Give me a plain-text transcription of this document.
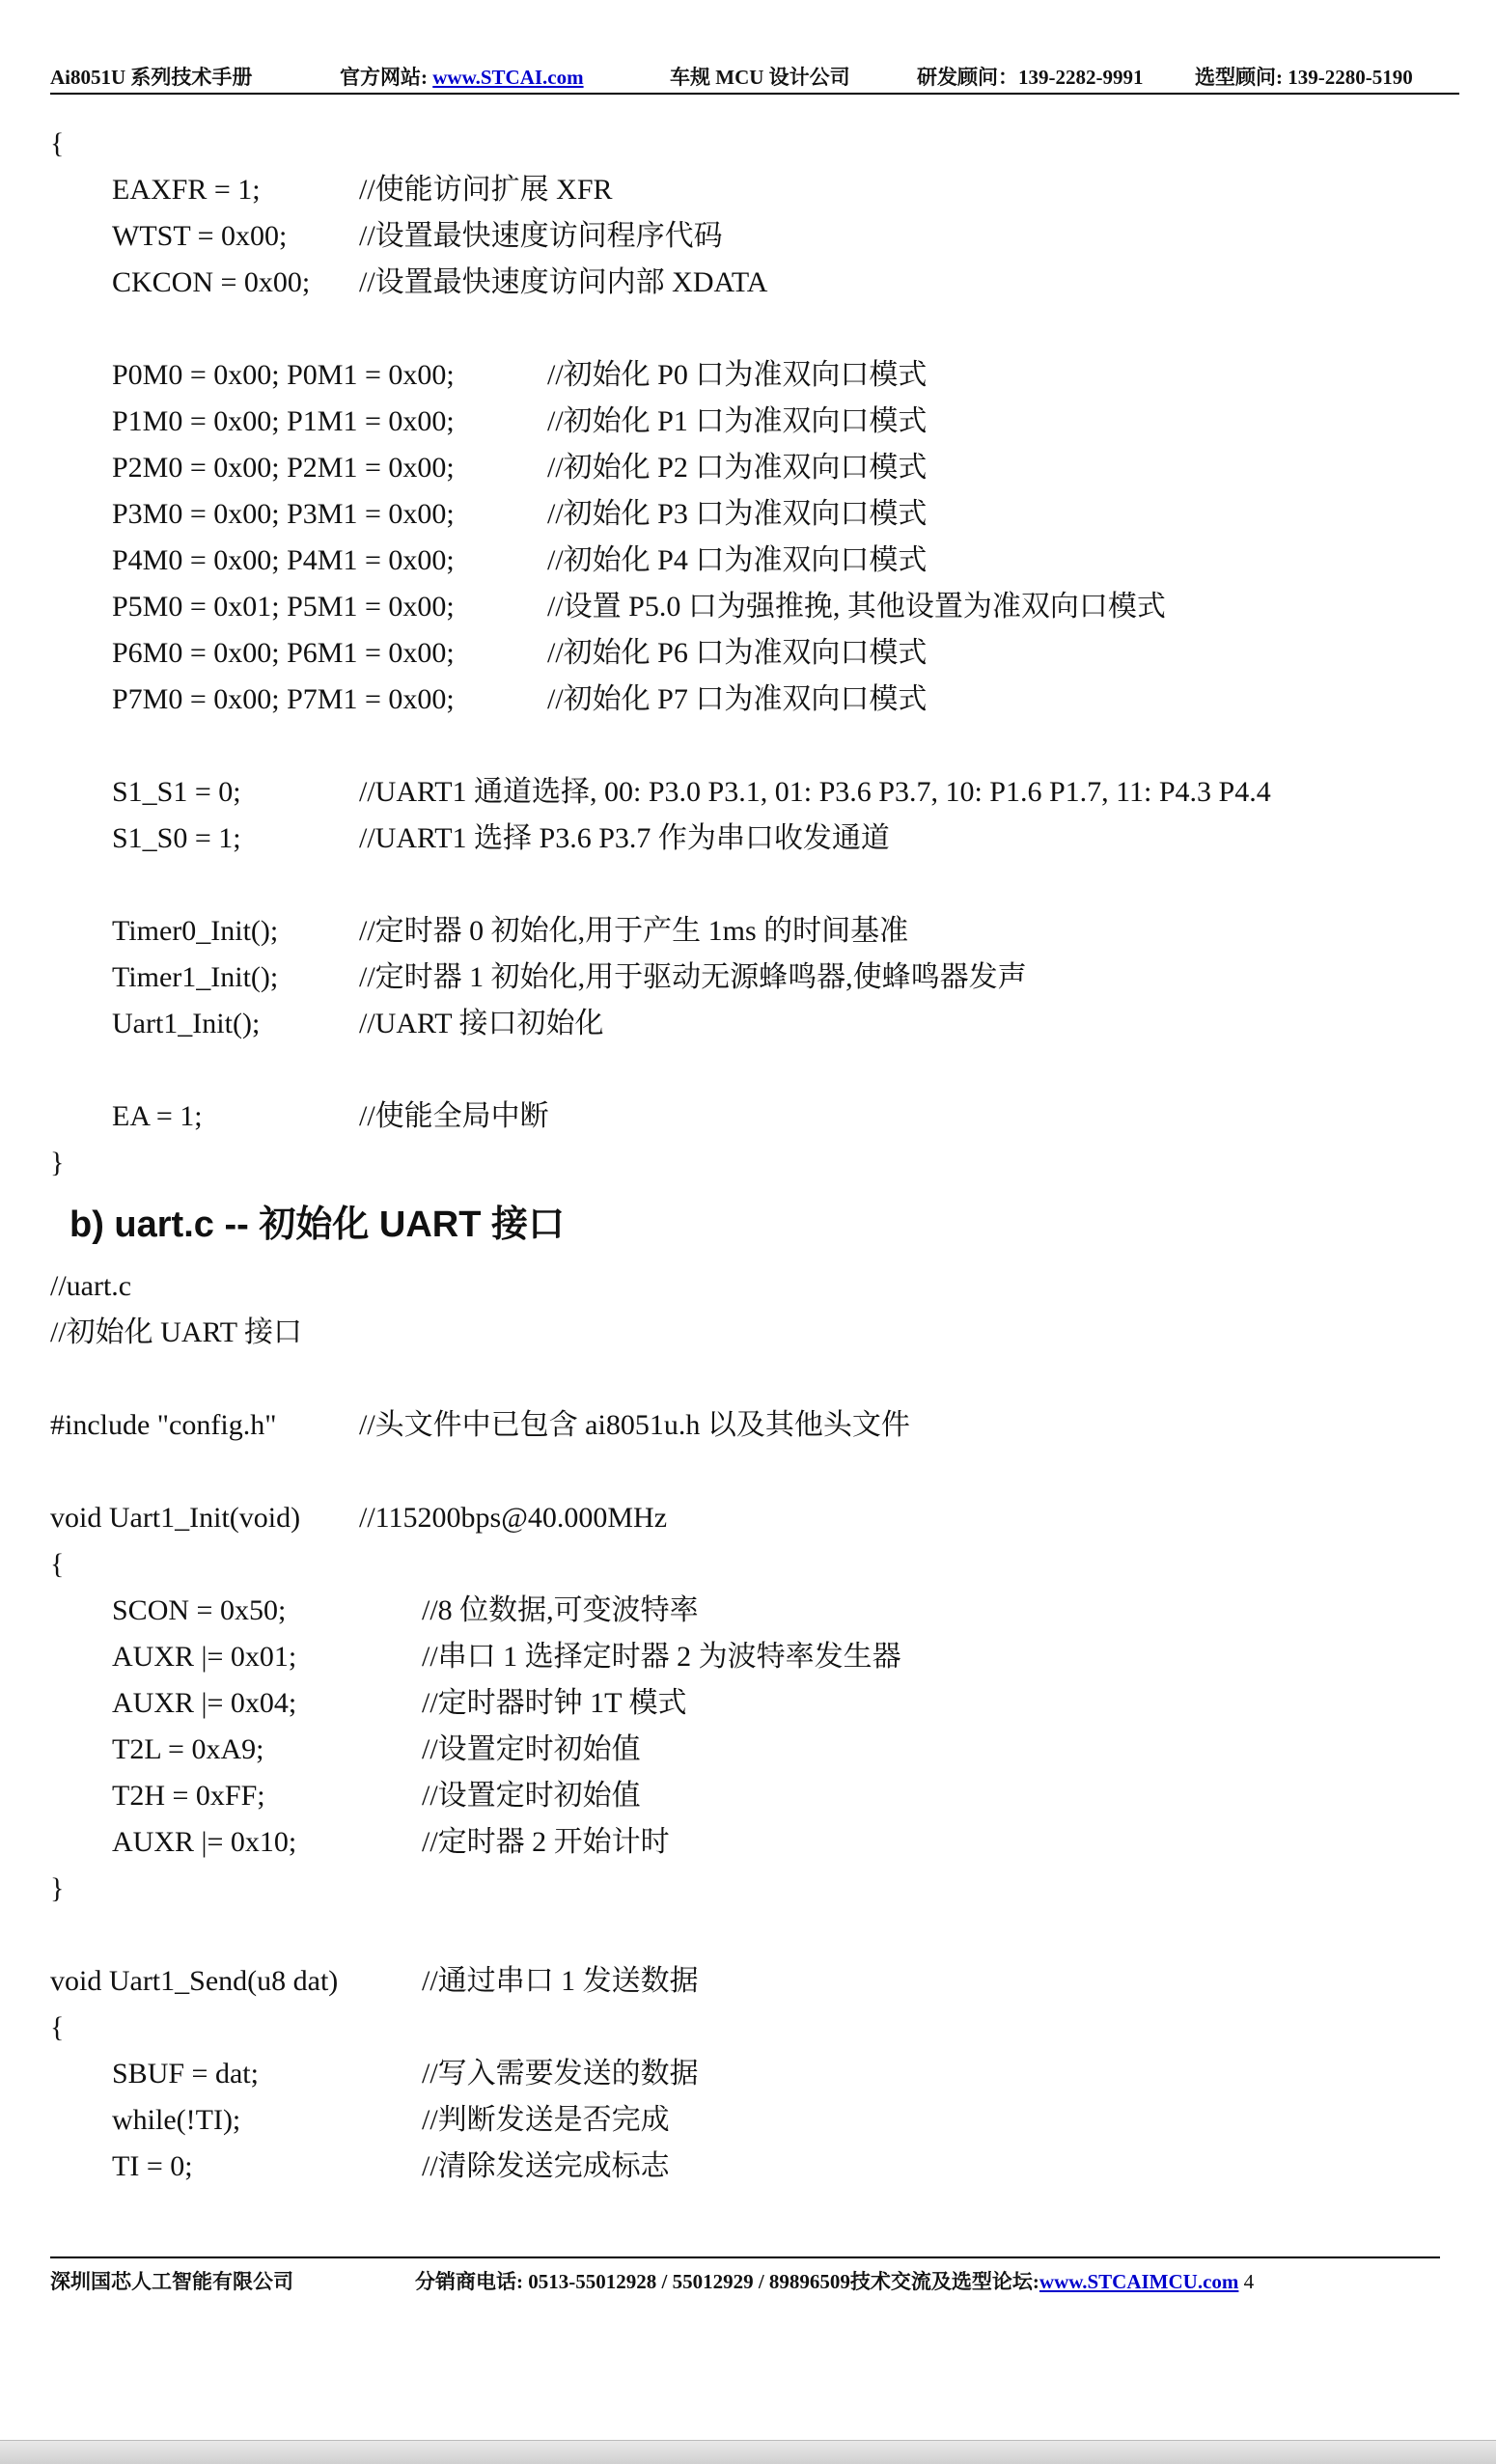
Ai8051U 系列技术手册	官方网站: www.STCAI.com	车规 MCU 设计公司	研发顾问：139-2282-9991	选型顾问: 139-2280-5190
{
EAXFR = 1;	//使能访问扩展 XFR
WTST = 0x00; //设置最快速度访问程序代码
CKCON = 0x00; //设置最快速度访问内部 XDATA
P0M0 = 0x00; P0M1 = 0x00;	//初始化 P0 口为准双向口模式
P1M0 = 0x00; P1M1 = 0x00;	//初始化 P1 口为准双向口模式
P2M0 = 0x00; P2M1 = 0x00;	//初始化 P2 口为准双向口模式
P3M0 = 0x00; P3M1 = 0x00;	//初始化 P3 口为准双向口模式
P4M0 = 0x00; P4M1 = 0x00;	//初始化 P4 口为准双向口模式
P5M0 = 0x01; P5M1 = 0x00;	//设置 P5.0 口为强推挽, 其他设置为准双向口模式
P6M0 = 0x00; P6M1 = 0x00;	//初始化 P6 口为准双向口模式
P7M0 = 0x00; P7M1 = 0x00;	//初始化 P7 口为准双向口模式
S1_S1 = 0;	//UART1 通道选择, 00: P3.0 P3.1, 01: P3.6 P3.7, 10: P1.6 P1.7, 11: P4.3 P4.4
S1_S0 = 1;	//UART1 选择 P3.6 P3.7 作为串口收发通道
Timer0_Init();	//定时器 0 初始化,用于产生 1ms 的时间基准
Timer1_Init();	//定时器 1 初始化,用于驱动无源蜂鸣器,使蜂鸣器发声
Uart1_Init();	//UART 接口初始化
EA = 1;	//使能全局中断
}
b) uart.c -- 初始化 UART 接口
//uart.c
//初始化 UART 接口
#include "config.h"	//头文件中已包含 ai8051u.h 以及其他头文件
void Uart1_Init(void) //115200bps@40.000MHz
{
SCON = 0x50;	//8 位数据,可变波特率
AUXR |= 0x01;	//串口 1 选择定时器 2 为波特率发生器
AUXR |= 0x04;	//定时器时钟 1T 模式
T2L = 0xA9;	//设置定时初始值
T2H = 0xFF;	//设置定时初始值
AUXR |= 0x10;	//定时器 2 开始计时
}
void Uart1_Send(u8 dat)	//通过串口 1 发送数据
{
SBUF = dat;	//写入需要发送的数据
while(!TI);	//判断发送是否完成
TI = 0;	//清除发送完成标志
深圳国芯人工智能有限公司	分销商电话: 0513-55012928 / 55012929 / 89896509技术交流及选型论坛:www.STCAIMCU.com 4
